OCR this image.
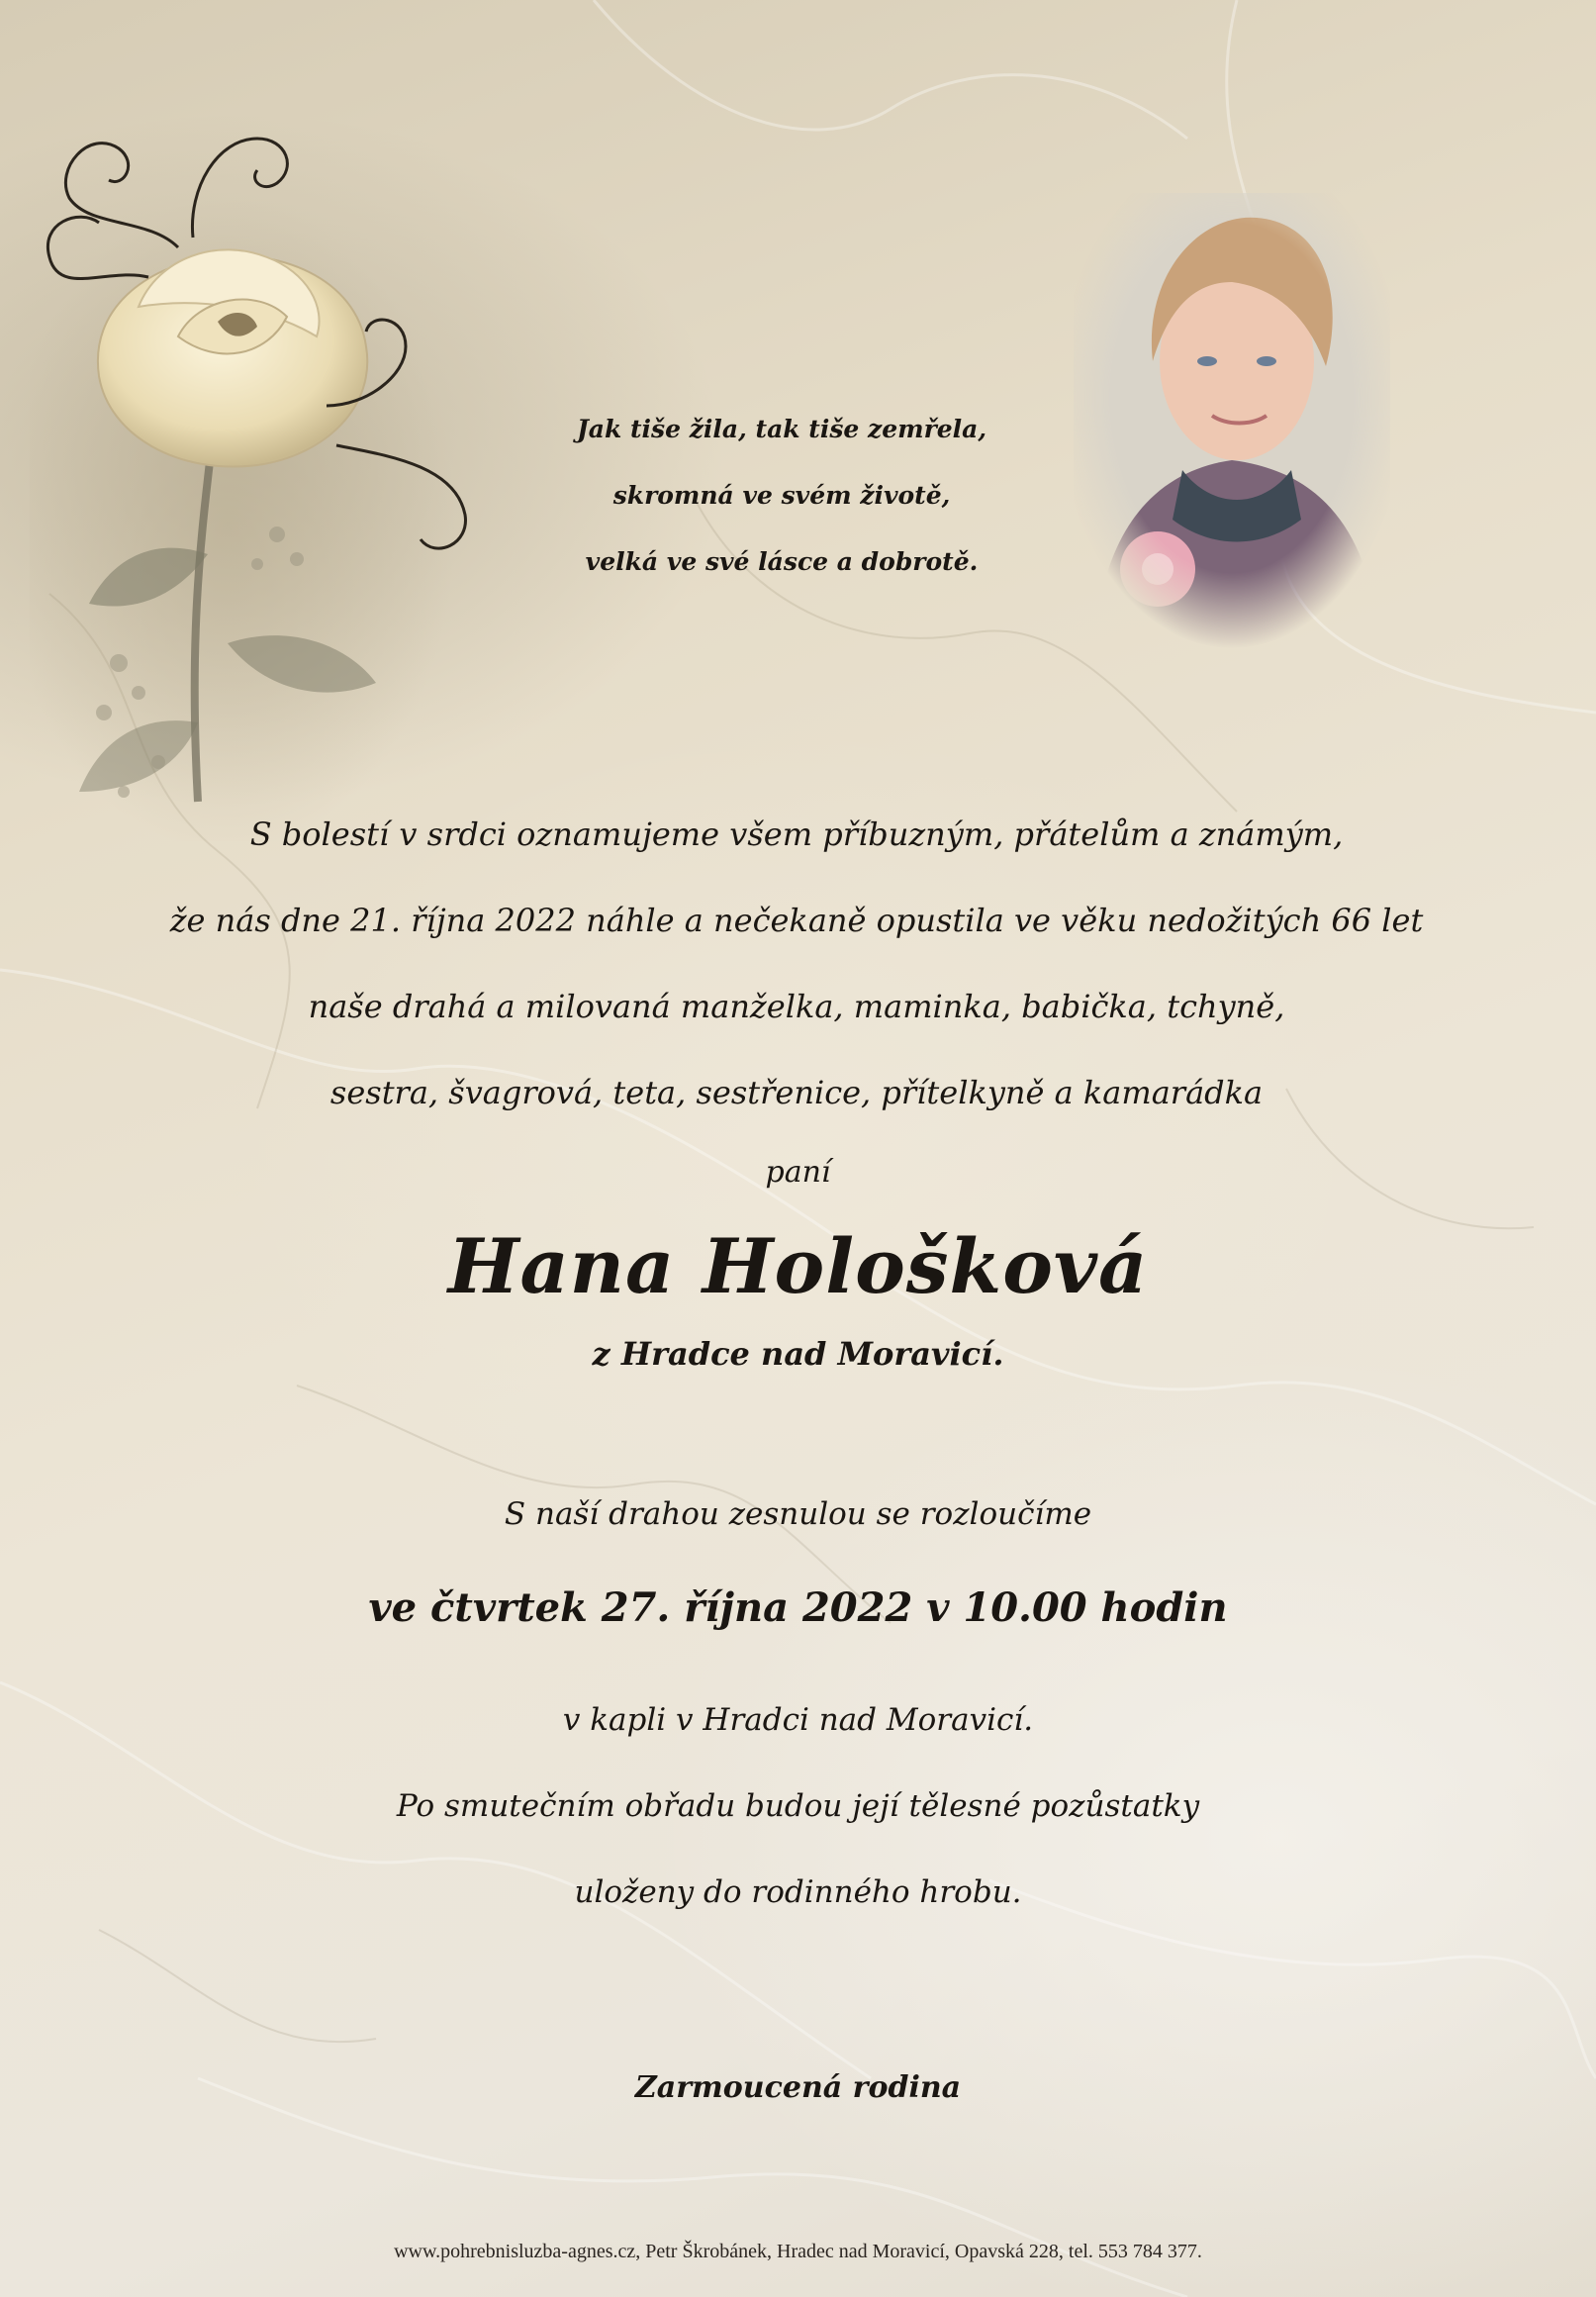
Jak tiše žila, tak tiše zemřela,
skromná ve svém životě,
velká ve své lásce a dobrotě.
S bolestí v srdci oznamujeme všem příbuzným, přátelům a známým,
že nás dne 21. října 2022 náhle a nečekaně opustila ve věku nedožitých 66 let
naše drahá a milovaná manželka, maminka, babička, tchyně,
sestra, švagrová, teta, sestřenice, přítelkyně a kamarádka
paní
Hana Hološková
z Hradce nad Moravicí.
S naší drahou zesnulou se rozloučíme
ve čtvrtek 27. října 2022 v 10.00 hodin
v kapli v Hradci nad Moravicí.
Po smutečním obřadu budou její tělesné pozůstatky
uloženy do rodinného hrobu.
Zarmoucená rodina
www.pohrebnisluzba-agnes.cz, Petr Škrobánek, Hradec nad Moravicí, Opavská 228, tel. 553 784 377.
